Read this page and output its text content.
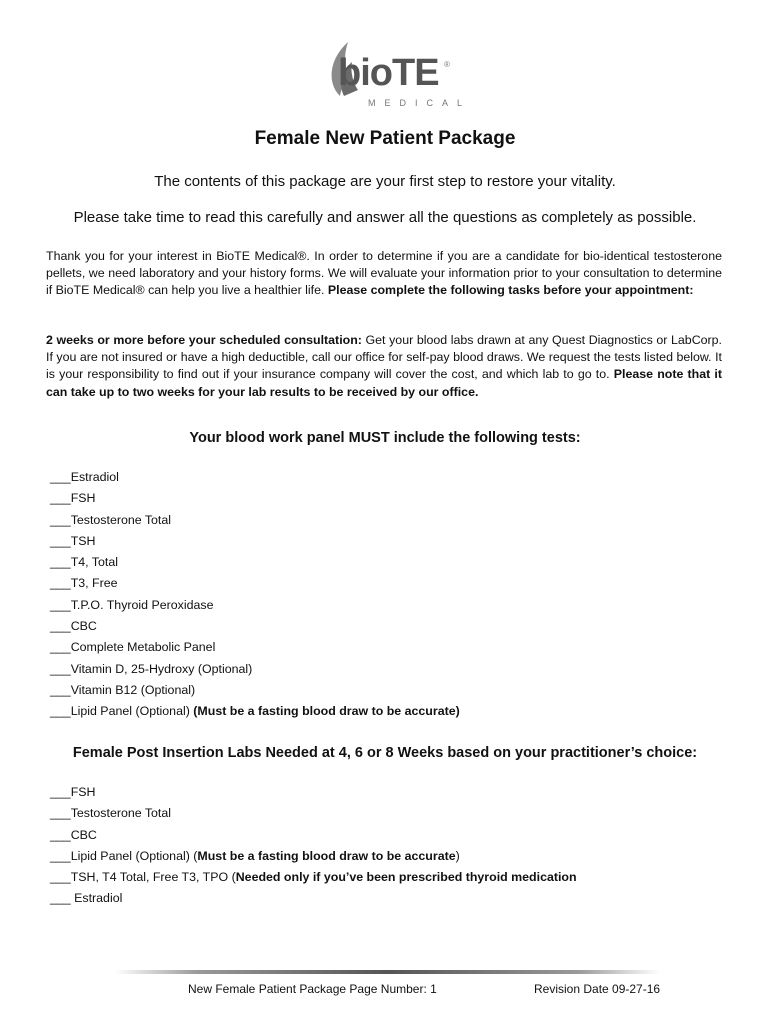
bioTE ®
MEDICAL
Female New Patient Package
The contents of this package are your first step to restore your vitality.
Please take time to read this carefully and answer all the questions as completely as possible.
Thank you for your interest in BioTE Medical®. In order to determine if you are a candidate for bio-identical testosterone pellets, we need laboratory and your history forms. We will evaluate your information prior to your consultation to determine if BioTE Medical® can help you live a healthier life. Please complete the following tasks before your appointment:
2 weeks or more before your scheduled consultation: Get your blood labs drawn at any Quest Diagnostics or LabCorp. If you are not insured or have a high deductible, call our office for self-pay blood draws. We request the tests listed below. It is your responsibility to find out if your insurance company will cover the cost, and which lab to go to. Please note that it can take up to two weeks for your lab results to be received by our office.
Your blood work panel MUST include the following tests:
___Estradiol
___FSH
___Testosterone Total
___TSH
___T4, Total
___T3, Free
___T.P.O. Thyroid Peroxidase
___CBC
___Complete Metabolic Panel
___Vitamin D, 25-Hydroxy (Optional)
___Vitamin B12 (Optional)
___Lipid Panel (Optional) (Must be a fasting blood draw to be accurate)
Female Post Insertion Labs Needed at 4, 6 or 8 Weeks based on your practitioner’s choice:
___FSH
___Testosterone Total
___CBC
___Lipid Panel (Optional) (Must be a fasting blood draw to be accurate)
___TSH, T4 Total, Free T3, TPO (Needed only if you’ve been prescribed thyroid medication
___ Estradiol
New Female Patient Package Page Number: 1	Revision Date 09-27-16
